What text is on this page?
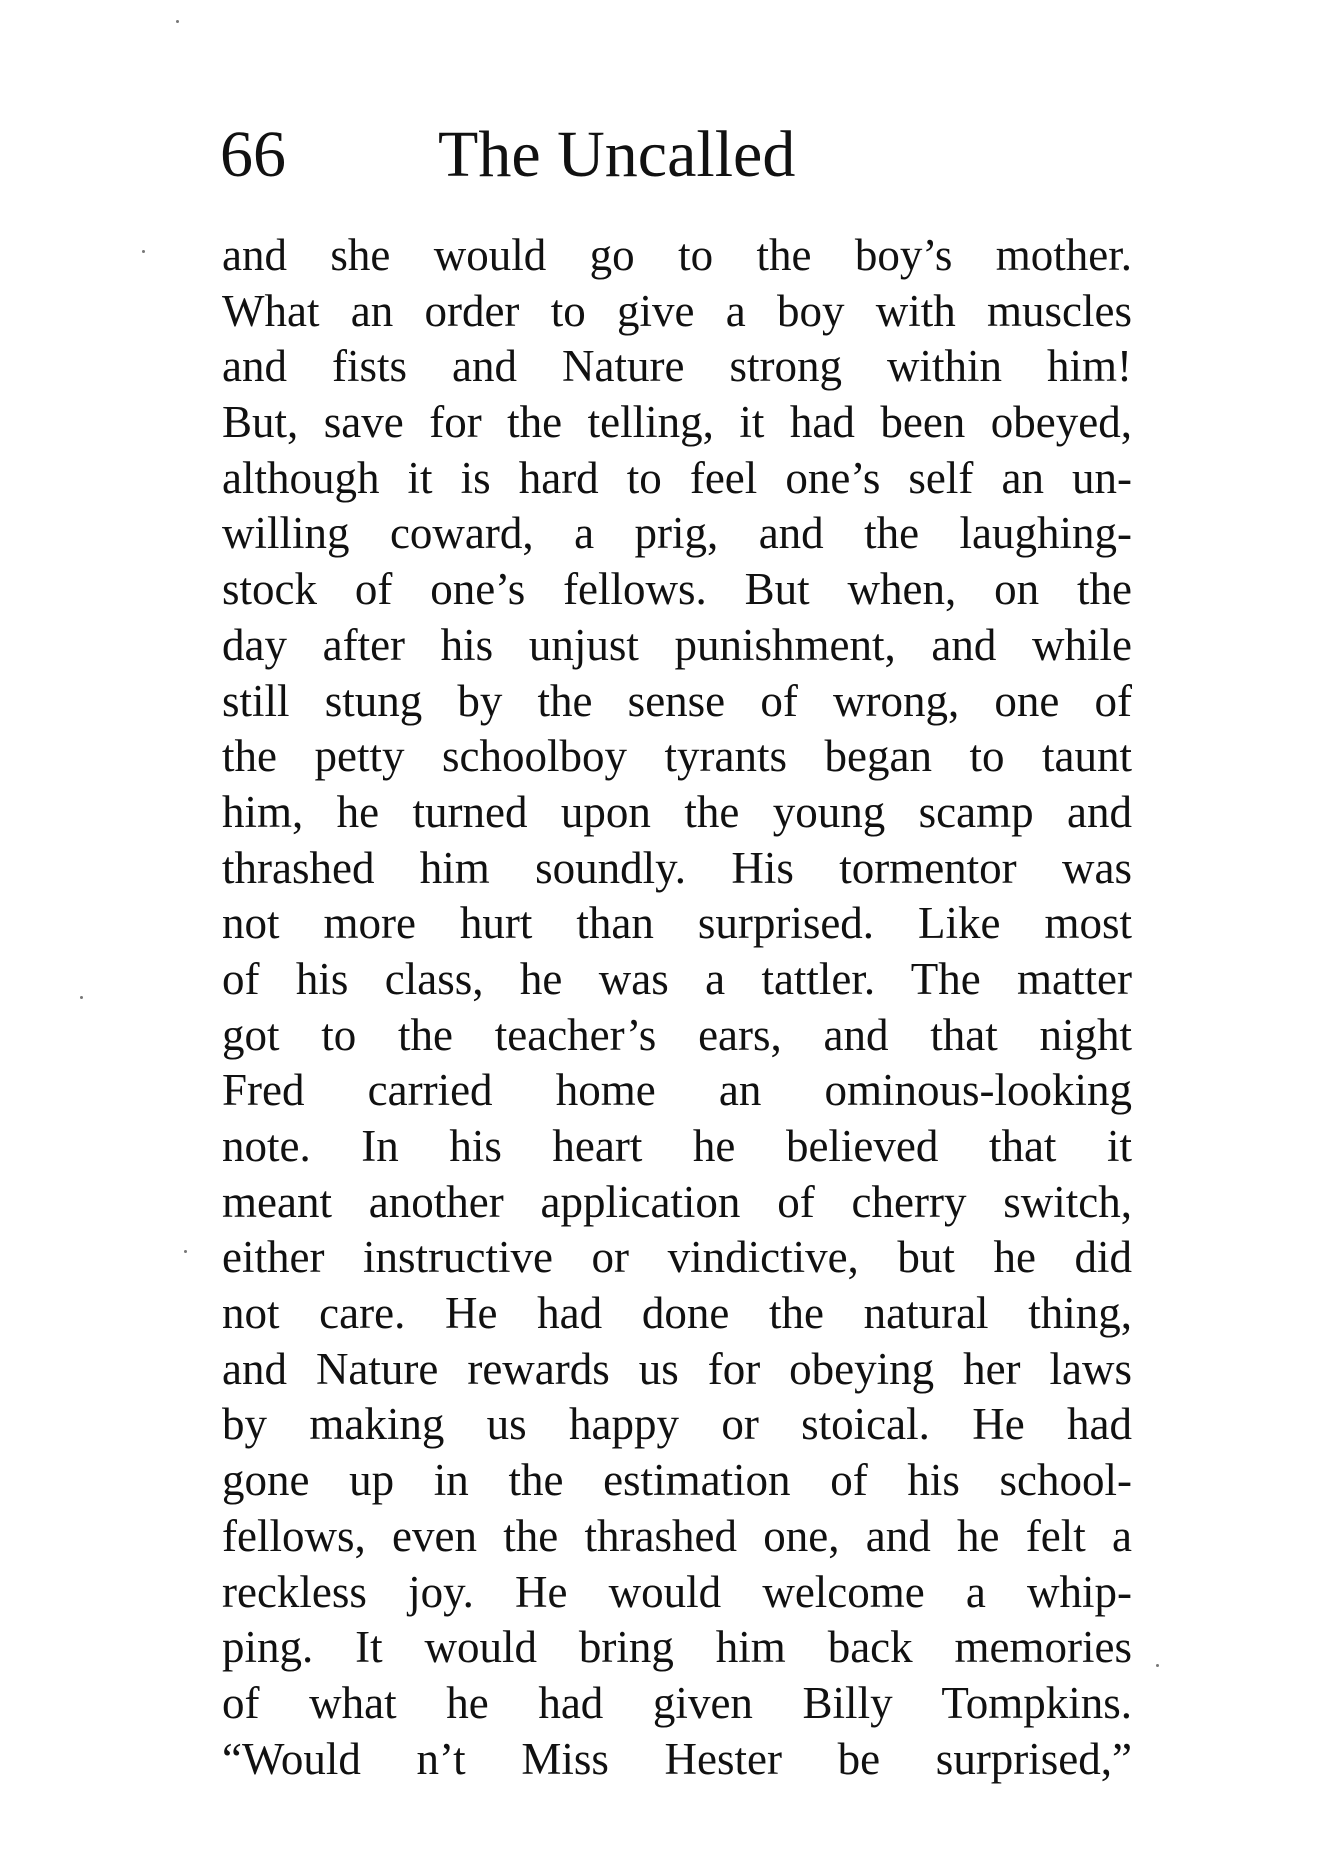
66 The Uncalled
and she would go to the boy’s mother.
What an order to give a boy with muscles
and fists and Nature strong within him!
But, save for the telling, it had been obeyed,
although it is hard to feel one’s self an un-
willing coward, a prig, and the laughing-
stock of one’s fellows. But when, on the
day after his unjust punishment, and while
still stung by the sense of wrong, one of
the petty schoolboy tyrants began to taunt
him, he turned upon the young scamp and
thrashed him soundly. His tormentor was
not more hurt than surprised. Like most
of his class, he was a tattler. The matter
got to the teacher’s ears, and that night
Fred carried home an ominous-looking
note. In his heart he believed that it
meant another application of cherry switch,
either instructive or vindictive, but he did
not care. He had done the natural thing,
and Nature rewards us for obeying her laws
by making us happy or stoical. He had
gone up in the estimation of his school-
fellows, even the thrashed one, and he felt a
reckless joy. He would welcome a whip-
ping. It would bring him back memories
of what he had given Billy Tompkins.
“Would n’t Miss Hester be surprised,”
